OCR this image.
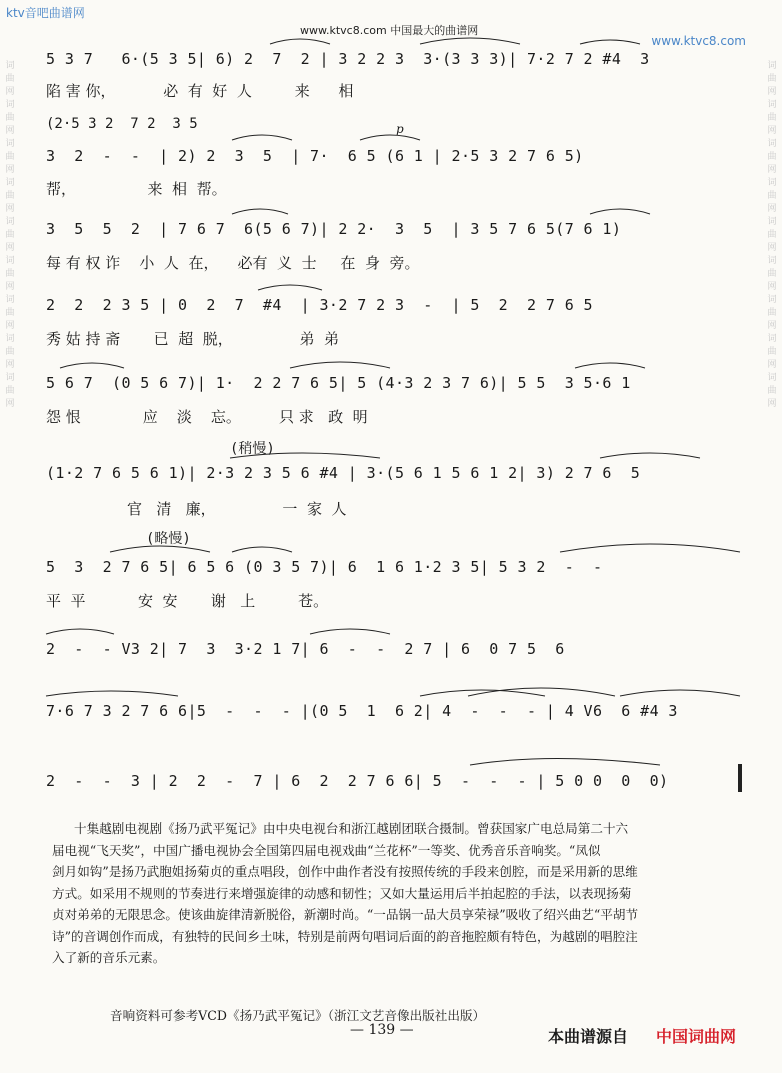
ktv音吧曲谱网
www.ktvc8.com 中国最大的曲谱网
www.ktvc8.com
词曲网词曲网词曲网词曲网词曲网词曲网词曲网词曲网词曲网
词曲网词曲网词曲网词曲网词曲网词曲网词曲网词曲网词曲网
5 3 7   6·(5 3 5| 6) 2  7  2 | 3 2 2 3  3·(3 3 3)| 7·2 7 2 #4  3
陷 害 你，          必  有  好  人         来      相
(2·5 3 2  7 2  3 5
3  2  -  -  | 2) 2  3  5  | 7·  6 5 (6 1 | 2·5 3 2 7 6 5)
帮，               来  相  帮。
p
3  5  5  2  | 7 6 7  6(5 6 7)| 2 2·  3  5  | 3 5 7 6 5(7 6 1)
每 有 权 诈    小  人  在，    必有  义  士     在  身  旁。
2  2  2 3 5 | 0  2  7  #4  | 3·2 7 2 3  -  | 5  2  2 7 6 5
秀 姑 持 斋       已  超  脱，              弟  弟
5 6 7  (0 5 6 7)| 1·  2 2 7 6 5| 5 (4·3 2 3 7 6)| 5 5  3 5·6 1
怨 恨             应    淡    忘。        只 求   政  明
(稍慢)
(1·2 7 6 5 6 1)| 2·3 2 3 5 6 #4 | 3·(5 6 1 5 6 1 2| 3) 2 7 6  5
官   清   廉，              一  家  人
(略慢)
5  3  2 7 6 5| 6 5 6 (0 3 5 7)| 6  1 6 1·2 3 5| 5 3 2  -  -
平  平           安  安       谢   上         苍。
2  -  - V3 2| 7  3  3·2 1 7| 6  -  -  2 7 | 6  0 7 5  6
7·6 7 3 2 7 6 6|5  -  -  - |(0 5  1  6 2| 4  -  -  - | 4 V6  6 #4 3
2  -  -  3 | 2  2  -  7 | 6  2  2 7 6 6| 5  -  -  - | 5 0 0  0  0)

十集越剧电视剧《扬乃武平冤记》由中央电视台和浙江越剧团联合摄制。曾获国家广电总局第二十六

届电视“飞天奖”，中国广播电视协会全国第四届电视戏曲“兰花杯”一等奖、优秀音乐音响奖。“凤似

剑月如钩”是扬乃武胞姐扬菊贞的重点唱段，创作中曲作者没有按照传统的手段来创腔，而是采用新的思维

方式。如采用不规则的节奏进行来增强旋律的动感和韧性；又如大量运用后半拍起腔的手法，以表现扬菊

贞对弟弟的无限思念。使该曲旋律清新脱俗，新潮时尚。“一品锅一品大员享荣禄”吸收了绍兴曲艺“平胡节

诗”的音调创作而成，有独特的民间乡土味，特别是前两句唱词后面的韵音拖腔颇有特色，为越剧的唱腔注

入了新的音乐元素。

音响资料可参考VCD《扬乃武平冤记》（浙江文艺音像出版社出版）
— 139 —	本曲谱源自 中国词曲网
